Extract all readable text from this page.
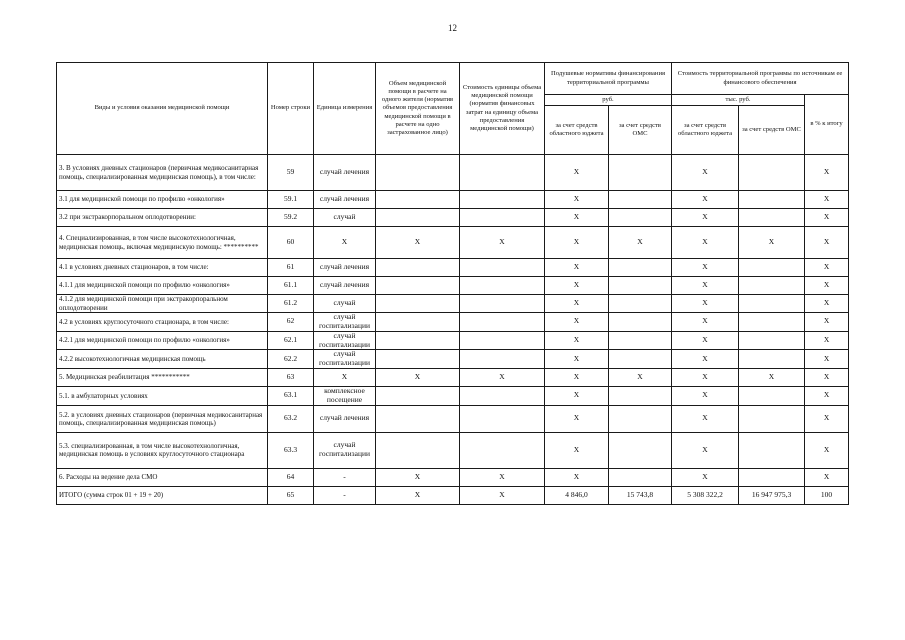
12
Виды и условия оказания медицинской помощи	Номер строки	Единица измерения	Объем медицинской помощи в расчете на одного жителя (норматив объемов предоставления медицинской помощи в расчете на одно застрахованное лицо)	Стоимость единицы объема медицинской помощи (норматив финансовых затрат на единицу объема предоставления медицинской помощи)	Подушевые нормативы финансирования территориальной программы		Стоимость территориальной программы по источникам ее финансового обеспечения		
					руб.		тыс. руб.		в % к итогу
					за счет средств областного юджета	за счет средств ОМС	за счет средств областного юджета	за счет средств ОМС	
3. В условиях дневных стационаров (первичная медикосанитарная помощь, специализированная медицинская помощь), в том числе:	59	случай лечения			X		X		X
3.1 для медицинской помощи по профилю «онкология»	59.1	случай лечения			X		X		X
3.2 при экстракорпоральном оплодотворении:	59.2	случай			X		X		X
4. Специализированная, в том числе высокотехнологичная, медицинская помощь, включая медицинскую помощь: **********	60	X	X	X	X	X	X	X	X
4.1 в условиях дневных стационаров, в том числе:	61	случай лечения			X		X		X
4.1.1 для медицинской помощи по профилю «онкология»	61.1	случай лечения			X		X		X
4.1.2 для медицинской помощи при экстракорпоральном оплодотворении	61.2	случай			X		X		X
4.2 в условиях круглосуточного стационара, в том числе:	62	случай госпитализации			X		X		X
4.2.1 для медицинской помощи по профилю «онкология»	62.1	случай госпитализации			X		X		X
4.2.2 высокотехнологичная медицинская помощь	62.2	случай госпитализации			X		X		X
5. Медицинская реабилитация ***********	63	X	X	X	X	X	X	X	X
5.1. в амбулаторных условиях	63.1	комплексное посещение			X		X		X
5.2. в условиях дневных стационаров (первичная медикосанитарная помощь, специализированная медицинская помощь)	63.2	случай лечения			X		X		X
5.3. специализированная, в том числе высокотехнологичная, медицинская помощь в условиях круглосуточного стационара	63.3	случай госпитализации			X		X		X
6. Расходы на ведение дела СМО	64	-	X	X	X		X		X
ИТОГО (сумма строк 01 + 19 + 20)	65	-	X	X	4 846,0	15 743,8	5 308 322,2	16 947 975,3	100
